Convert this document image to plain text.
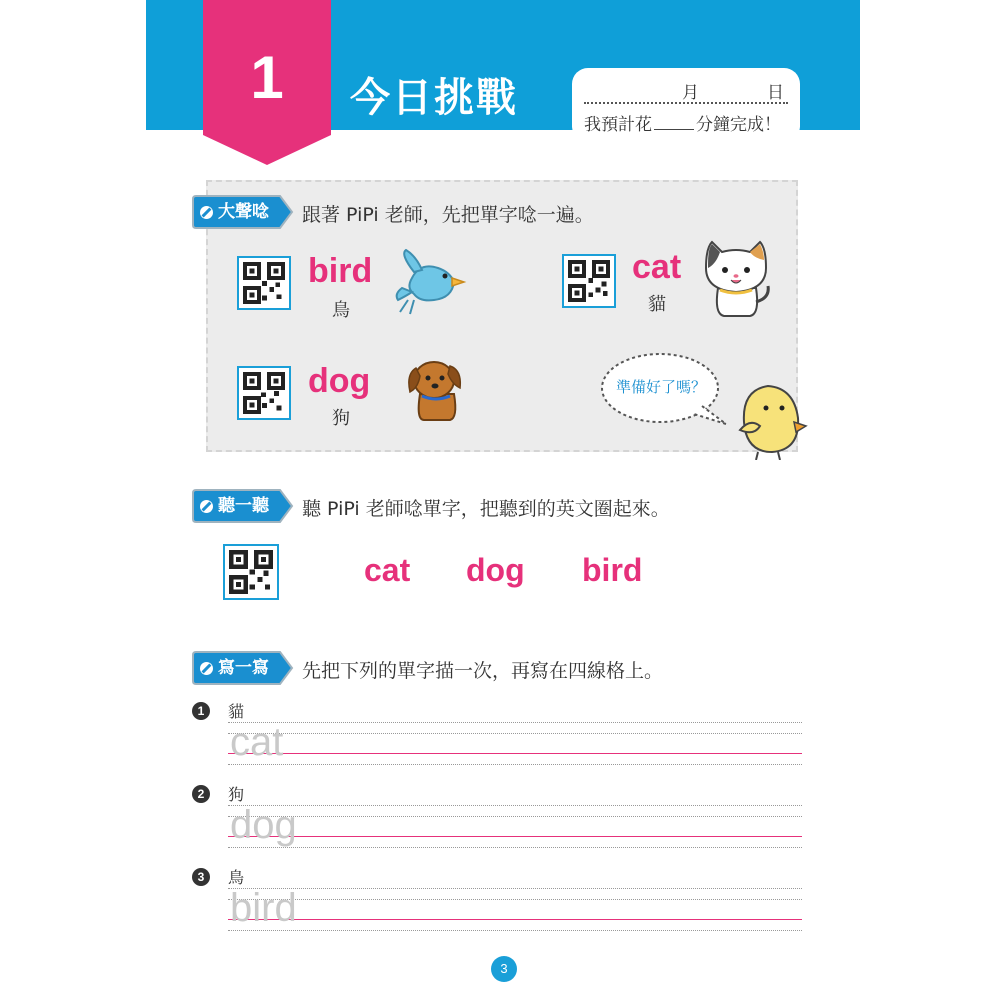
1	今日挑戰	月	日
我預計花	分鐘完成！
大聲唸 跟著 PiPi 老師，先把單字唸一遍。
bird
鳥
cat
貓
dog
狗
準備好了嗎？
聽一聽 聽 PiPi 老師唸單字，把聽到的英文圈起來。
cat dog bird
寫一寫 先把下列的單字描一次，再寫在四線格上。
1	貓
cat
2	狗
dog
3	鳥
bird
3
